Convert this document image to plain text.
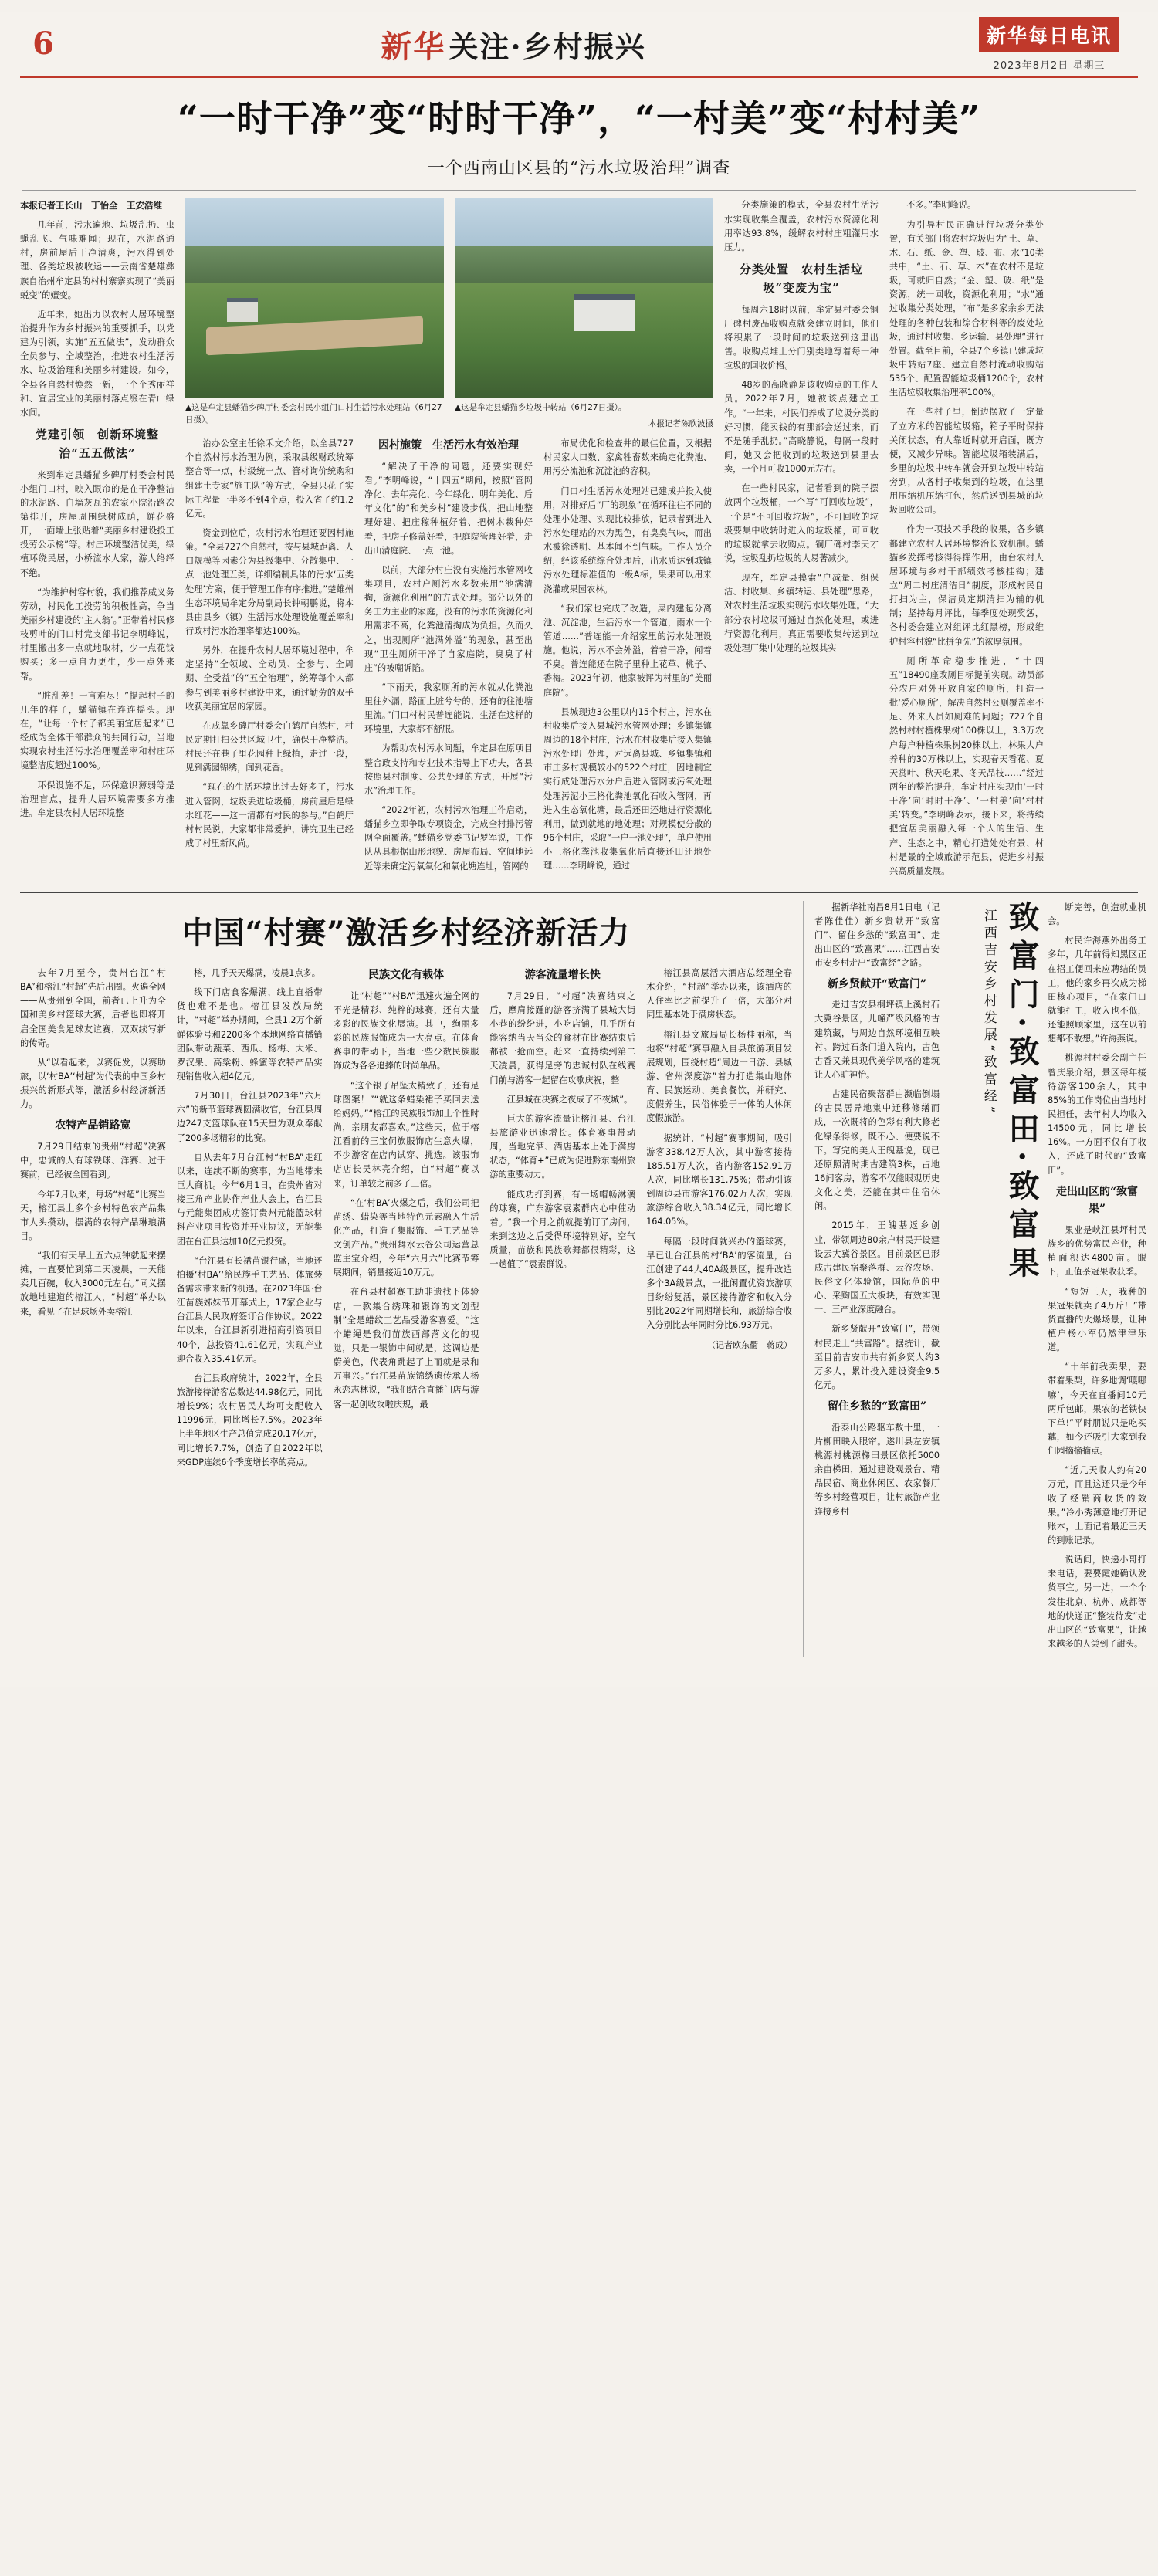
6	新华 关注·乡村振兴	新华每日电讯
2023年8月2日 星期三
“一时干净”变“时时干净”，“一村美”变“村村美”
一个西南山区县的“污水垃圾治理”调查

本报记者王长山　丁怡全　王安浩维

几年前，污水遍地、垃圾乱扔、虫蝇乱飞、气味难闻；现在，水泥路通村，房前屋后干净清爽，污水得到处理、各类垃圾被收运——云南省楚雄彝族自治州牟定县的村村寨寨实现了“美丽蜕变”的嬗变。

近年来，她出力以农村人居环境整治提升作为乡村振兴的重要抓手，以党建为引领，实施“五五做法”，发动群众全员参与、全域整治，推进农村生活污水、垃圾治理和美丽乡村建设。如今，全县各自然村焕然一新，一个个秀丽祥和、宜居宜业的美丽村落点缀在青山绿水间。

党建引领　创新环境整治“五五做法”

来到牟定县蟠猫乡碑厅村委会村民小组门口村，映入眼帘的是在干净整洁的水泥路、白墙灰瓦的农家小院沿路次第排开，房屋周围绿树成荫，鲜花盛开，一面墙上张贴着“美丽乡村建设投工投劳公示榜”等。村庄环境整洁优美，绿植环绕民居，小桥流水人家，游人络绎不绝。

“为维护村容村貌，我们推荐威义务劳动，村民化工投劳的积极性高，争当美丽乡村建设的‘主人翁’。”正带着村民修枝剪叶的门口村党支部书记李明峰说，村里搬出多一点就地取材，少一点花钱购买；多一点自力更生，少一点外来帮。

“脏乱差！一言难尽！”提起村子的几年的样子，蟠猫镇在连连摇头。现在，“让每一个村子都美丽宜居起来”已经成为全体干部群众的共同行动，当地实现农村生活污水治理覆盖率和村庄环境整洁度超过100%。

环保设施不足，环保意识薄弱等是治理盲点，提升人居环境需要多方推进。牟定县农村人居环境整

▲这是牟定县蟠猫乡碑厅村委会村民小组门口村生活污水处理站（6月27日摄）。
▲这是牟定县蟠猫乡垃圾中转站（6月27日摄）。
本报记者陈欣波摄

治办公室主任徐禾文介绍，以全县727个自然村污水治理为例，采取县级财政统筹整合等一点，村级统一点、管材询价统购和组建土专家“施工队”等方式，全县只花了实际工程量一半多不到4个点，投入省了约1.2亿元。

资金到位后，农村污水治理还要因村施策。“全县727个自然村，按与县城距离、人口规模等因素分为县级集中、分散集中、一点一池处理五类，详细编制具体的污水‘五类处理’方案，便于管理工作有序推进。”楚雄州生态环境局牟定分局副局长钟朝鹏说，将本县由县乡（镇）生活污水处理设施覆盖率和行政村污水治理率都达100%。

另外，在提升农村人居环境过程中，牟定坚持“全领域、全动员、全参与、全周期、全受益”的“五全治理”，统筹每个人都参与到美丽乡村建设中来，通过勤劳的双手收获美丽宜居的家园。

在戒靠乡碑厅村委会白鹤厅自然村，村民定期打扫公共区域卫生，确保干净整洁。村民还在巷子里花园种上绿植，走过一段，见到满园锦绣，闻到花香。

“现在的生活环境比过去好多了，污水进入管网，垃圾丢进垃圾桶，房前屋后是绿水红花——这一清都有村民的参与。”白鹤厅村村民说，大家都非常爱护，讲究卫生已经成了村里新风尚。

因村施策　生活污水有效治理

“解决了干净的问题，还要实现好看。”李明峰说，“十四五”期间，按照“管网净化、去年亮化、今年绿化、明年美化、后年文化”的“和美乡村”建设步伐，把山地整理好建、把庄稼种植好着、把树木栽种好着，把房子修盖好着，把庭院管理好着，走出山清庭院、一点一池。

以前，大部分村庄没有实施污水管网收集项目，农村户厕污水多数来用“池满清掏，资源化利用”的方式处理。部分以外的务工为主业的家庭，没有的污水的资源化利用需求不高，化粪池清掏成为负担。久而久之，出现厕所“池满外溢”的现象，甚至出现“卫生厕所干净了自家庭院，臭臭了村庄”的被嘲诉陷。

“下雨天，我家厕所的污水就从化粪池里往外漏，路面上脏兮兮的，还有的往池塘里流。”门口村村民普连能说，生活在这样的环境里，大家都不舒服。

为帮助农村污水问题，牟定县在原项目整合政支持和专业技术指导上下功夫，各县按照县村制度、公共处理的方式，开展“污水”治理工作。

“2022年初，农村污水治理工作启动，蟠猫乡立即争取专项资金，完成全村排污管网全面覆盖。”蟠猫乡党委书记罗军说，工作队从具根据山形地貌、房屋布局、空间地远近等来确定污氧氧化和氧化塘连址，管网的

布局优化和检查井的最佳位置，又根据村民家人口数、家禽牲畜数来确定化粪池、用污分流池和沉淀池的容积。

门口村生活污水处理站已建成并投入使用，对排好后“厂的现象”在循环往往不同的处理小处理、实现比较排放，记录者到进入污水处理站的水为黑色，有臭臭气味，而出水被徐透明、基本闻不到气味。工作人员介绍，经该系统综合处理后，出水质达到城镇污水处理标准值的一级A标，果果可以用来浇灌或果园农林。

“我们家也完成了改造，屎内建起分离池、沉淀池，生活污水一个管道，雨水一个管道……”普连能一介绍家里的污水处理设施。他说，污水不会外溢，着着干净，闻着不臭。普连能还在院子里种上花草、桃子、香梅。2023年初，他家被评为村里的“美丽庭院”。

县城现边3公里以内15个村庄，污水在村收集后接入县城污水管网处理；乡镇集镇周边的18个村庄，污水在村收集后接入集镇污水处理厂处理，对远离县城、乡镇集镇和市庄多村规模较小的522个村庄，因地制宜实行成处理污水分户后进入管网或污氧处理处理污泥小三格化粪池氧化石收入管网，再进入生态氧化塘，最后还田还地进行资源化利用，做到就地的地处理；对规模使分散的96个村庄，采取“一户一池处理”，单户使用小三格化粪池收集氧化后直接还田还地处理……李明峰说，通过

分类施策的模式，全县农村生活污水实现收集全覆盖，农村污水资源化利用率达93.8%，缓解农村村庄粗灌用水压力。

分类处置　农村生活垃圾“变废为宝”

每周六18时以前，牟定县村委会铜厂碑村废品收购点就会建立时间，他们将积累了一段时间的垃圾送到这里出售。收购点堆上分门别类地写着每一种垃圾的回收价格。

48岁的高晓静是该收购点的工作人员。2022年7月，她被该点建立工作。“一年来，村民们养成了垃圾分类的好习惯，能卖钱的有那部会送过来，而不是随手乱扔。”高晓静说，每隔一段时间，她又会把收到的垃圾送到县里去卖，一个月可收1000元左右。

在一些村民家，记者看到的院子摆放两个垃圾桶，一个写“可回收垃圾”，一个是“不可回收垃圾”，不可回收的垃圾要集中收转时进入的垃圾桶，可回收的垃圾就拿去收购点。铜厂碑村李天才说，垃圾乱扔垃圾的人易著减少。

现在，牟定县摸索“户减量、组保洁、村收集、乡镇转运、县处理”思路，对农村生活垃圾实现污水收集处理。“大部分农村垃圾可通过自然化处理，或进行资源化利用，真正需要收集转运到垃圾处理厂集中处理的垃圾其实

不多。”李明峰说。

为引导村民正确进行垃圾分类处置，有关部门将农村垃圾归为“土、草、木、石、纸、金、塑、玻、布、水”10类共中，“土、石、草、木”在农村不是垃圾，可就归自然；“金、塑、玻、纸”是资源，统一回收，资源化利用；“水”通过收集分类处理，“布”是多家余乡无法处理的各种包装和综合材料等的废处垃圾，通过村收集、乡运输、县处理“进行处置。截至目前，全县7个乡镇已建成垃圾中转站7座、建立自然村流动收购站535个、配置智能垃圾桶1200个，农村生活垃圾收集治理率100%。

在一些村子里，倒边摆放了一定量了立方米的智能垃圾箱，箱子平时保持关闭状态，有人靠近时就开启面，既方便，又减少异味。智能垃圾箱装满后，乡里的垃圾中转车就会开到垃圾中转站旁到，从各村子收集到的垃圾，在这里用压缩机压缩打包，然后送到县城的垃圾回收公司。

作为一项技术手段的收果，各乡镇都建立农村人居环境整治长效机制。蟠猫乡发挥考核得得挥作用，由台农村人居环境与乡村干部绩效考核挂钩；建立“周二村庄清洁日”制度，形成村民自打扫为主，保洁员定期清扫为辅的机制；坚持每月评比，每季度处现奖惩，各村委会建立对组评比红黑榜，形成维护村容村貌“比拼争先”的浓厚氛围。

厕所革命稳步推进，“十四五”18490座改厕目标提前实现。动员部分农户对外开放自家的厕所，打造一批‘爱心厕所’，解决自然村公厕覆盖率不足、外来人员如厕难的问题；727个自然村村村植株果树100株以上，3.3万农户每户种植株果树20株以上，林果大户养种的30万株以上，实现春天看花、夏天赏叶、秋天吃果、冬天品枝……“经过两年的整治提升，牟定村庄实现由‘一时干净’向‘时时干净’、‘一村美’向‘村村美’转变。”李明峰表示，接下来，将持续把宜居美丽融入每一个人的生活、生产、生态之中，精心打造处处有景、村村是景的全域旅游示范县，促进乡村振兴高质量发展。

中国“村赛”激活乡村经济新活力

去年7月至今，贵州台江“村BA”和榕江“村超”先后出圈。火遍全网——从贵州到全国，前者已上升为全国和美乡村篮球大赛，后者也即将开启全国美食足球友谊赛，双双续写新的传奇。

从“以看起来，以赛促发，以赛助旅，以‘村BA’‘村超’为代表的中国乡村振兴的新形式等，激活乡村经济新活力。

农特产品销路宽

7月29日结束的贵州“村超”决赛中，忠诚的人有球铁球、洋赛、过于赛前，已经被全国看到。

今年7月以来，每场“村超”比赛当天，榕江县上多个乡村特色农产品集市人头攒动，摆满的农特产品琳琅满目。

“我们有天早上五六点钟就起来摆摊，一直要忙到第二天凌晨，一天能卖几百碗，收入3000元左右。”同义摆放地地建道的榕江人，“村超”举办以来，看见了在足球场外卖榕江

榕，几乎天天爆满，凌晨1点多。

线下门店食客爆满，线上直播带货也难不是也。榕江县发放局统计，“村超”举办期间，全县1.2万个新鲜体验号和2200多个本地网络直播销团队带动蔬菜、西瓜、杨梅、大米、罗汉果、高粱粉、蜂蜜等农特产品实现销售收入超4亿元。

7月30日，台江县2023年“六月六”的新节篮球赛圆满收官，台江县周边247支篮球队在15天里为观众奉献了200多场精彩的比赛。

自从去年7月台江村“村BA”走红以来，连续不断的赛事，为当地带来巨大商机。今年6月1日，在贵州省对接三角产业协作产业大会上，台江县与元能集团成功签订贵州元能篮球材料产业项目投资并开业协议，无能集团在台江县达加10亿元投资。

“台江县有长裙苗银行盛，当地还拍摄‘村BA’‘给民族手工艺品、体旅装备需求带来新的机遇。在2023年国·台江苗族姊妹节开幕式上，17家企业与台江县人民政府签订合作协议。2022年以来，台江县新引进招商引资项目40个，总投资41.61亿元，实现产业迎合收入35.41亿元。

台江县政府统计，2022年，全县旅游接待游客总数达44.98亿元，同比增长9%；农村居民人均可支配收入11996元，同比增长7.5%。2023年上半年地区生产总值完成20.17亿元，同比增长7.7%，创造了自2022年以来GDP连续6个季度增长率的亮点。

民族文化有载体

让“村超”“村BA”迅速火遍全网的不光是精彩、纯粹的球赛，还有大量多彩的民族文化展演。其中，绚丽多彩的民族服饰成为一大亮点。在体育赛事的带动下，当地一些少数民族服饰成为各各追捧的时尚单品。

“这个银子吊坠太精致了，还有足球图案！”“就这条蜡染裙子买回去送给妈妈。”“榕江的民族服饰加上个性时尚，亲朋友都喜欢。”这些天，位于榕江看前的三宝侗族服饰店生意火爆，不少游客在店内试穿、挑选。该服饰店店长吴林亮介绍，自“村超”赛以来，订单较之前多了三倍。

“在‘村BA’火爆之后，我们公司把苗绣、蜡染等当地特色元素融入生活化产品，打造了集服饰、手工艺品等文创产品。”贵州舞水云谷公司运营总监主宝介绍，今年“六月六”比赛节筹展期间，销量接近10万元。

在台县村超赛工助非遗找下体验店，一款集合绣珠和银饰的文创型制”全是蜡纹工艺品受游客喜爱。“这个蜡绳是我们苗族西部落文化的视觉，只是一银饰中间就是，这调边是蔚美色，代表角跳起了上而就是录和万事兴。”台江县苗族锦绣遗传承人杨永恋志林说，“我们结合直播门店与游客一起创收攻啦庆规，最

游客流量增长快

7月29日，“村超”决赛结束之后，摩肩接踵的游客挤满了县城大街小巷的纷纷进，小吃店铺，几乎所有能容纳当天当众的食材在比赛结束后都被一抢而空。赶来一直持续到第二天凌晨，获得足旁的忠诚村队在线赛门前与游客一起留在攻歌庆祝，整

江县城在决赛之夜成了不夜城”。

巨大的游客流量让榕江县、台江县旅游业迅速增长。体育赛事带动周，当地完酒、酒店基本上处于满房状态，“体育+”已成为促进黔东南州旅游的重要动力。

能成功打到赛，有一场帽畅淋漓的球赛，广东游客袁素群内心中催动着。“我一个月之前就提前订了房间，来到这边之后受得环境特别好，空气质量，苗族和民族歌舞都很精彩，这一趟值了”袁素群说。

榕江县高层活大酒店总经理全春木介绍，“村超”举办以来，该酒店的人住率比之前提升了一倍，大部分对同里基本处于满房状态。

榕江县文旅局局长杨桂丽称，当地将“村超”赛事融入自县旅游项目发展规划，围绕村超“周边一日游、县城游、省州深度游”着力打造集山地体育、民族运动、美食餐饮，并研究、度假养生，民俗体验于一体的大休闲度假旅游。

据统计，“村超”赛事期间，吸引游客338.42万人次，其中游客接待185.51万人次，省内游客152.91万人次，同比增长131.75%；带动引该到周边县市游客176.02万人次，实现旅游综合收入38.34亿元，同比增长164.05%。

每隔一段时间就兴办的篮球赛，早已让台江县的村‘BA’的客流量，台江创建了44人40A级景区，提升改造多个3A级景点，一批闲置优资旅游项目纷纷复活，景区接待游客和收入分别比2022年同期增长和，旅游综合收入分别比去年同时分比6.93万元。

（记者欧东衢　蒋成）

据新华社南昌8月1日电（记者陈佳佳）新乡贤献开“致富门”、留住乡愁的“致富田”、走出山区的“致富果”……江西吉安市安乡村走出“致富经”之路。

新乡贤献开“致富门”

走进吉安县桐坪镇上溪村石大冀谷景区，儿幢严级风格的古建筑藏，与周边自然环境相互映衬。跨过石条门道入院内，古色古香又兼具现代美学风格的建筑让人心旷神怡。

古建民宿聚落群由濒临倒塌的古民居异地集中迁移修缮而成，一次既将的色彩有利大修老化绿条得修，既不心、便要说不下。写完的美人王魄基说，现已还原照清时期古建筑3株，占地16间客房，游客不仅能眼观历史文化之美，还能在其中住宿休闲。

2015年，王魄基返乡创业，带领周边80余户村民开设建设云大冀谷景区。目前景区已形成古建民宿聚落群、云谷农场、民俗文化体验馆，国际范的中心、采购国五大板块，有效实现一、三产业深度融合。

新乡贤献开“致富门”，带领村民走上“共富路”。据统计，截至目前吉安市共有新乡贤人约3万多人，累计投入建设资金9.5亿元。

留住乡愁的“致富田”

沿泰山公路驱车数十里，一片柳田映入眼帘。遂川县左安镇桃源村桃源梯田景区依托5000余亩梯田，通过建设观景台、精品民宿、商业休闲区、农家餐厅等乡村经营项目，让村旅游产业连接乡村

致富门·致富田·致富果
江西吉安乡村发展“致富经”

断完善，创造就业机会。

村民许海燕外出务工多年，几年前得知黑区正在招工便回来应聘结的员工，他的家乡再次成为梯田核心项目，“在家门口就能打工，收入也不低，还能照顾家里，这在以前想都不敢想。”许海燕说。

桃源村村委会副主任曾庆泉介绍，景区每年接待游客100余人，其中85%的工作岗位由当地村民担任，去年村人均收入14500元，同比增长16%。一方面不仅有了收入，还成了时代的“致富田”。

走出山区的“致富果”

果业是峡江县坪村民族乡的优势富民产业，种植面积达4800亩。眼下，正值茶冠果收获季。

“短短三天，我种的果冠果就卖了4万斤！”带货直播的火爆场景，让种植户杨小军仍然津津乐道。

“十年前我卖果，要带着果梨，许多地调‘嘎哪嘛’，今天在直播间10元两斤包邮，果农的老铁快下单!”平时朋说只是吃买藕，如今还吸引大家到我们园摘摘摘点。

“近几天收人约有20万元，而且这还只是今年收了经销商收货的效果。”冷小秀薄意地打开记账本，上面记着最近三天的到账记录。

说话间，快递小哥打来电话，要要霞她确认发货事宜。另一边，一个个发往北京、杭州、成都等地的快递正“整装待发”走出山区的“致富果”，让越来越多的人尝到了甜头。
